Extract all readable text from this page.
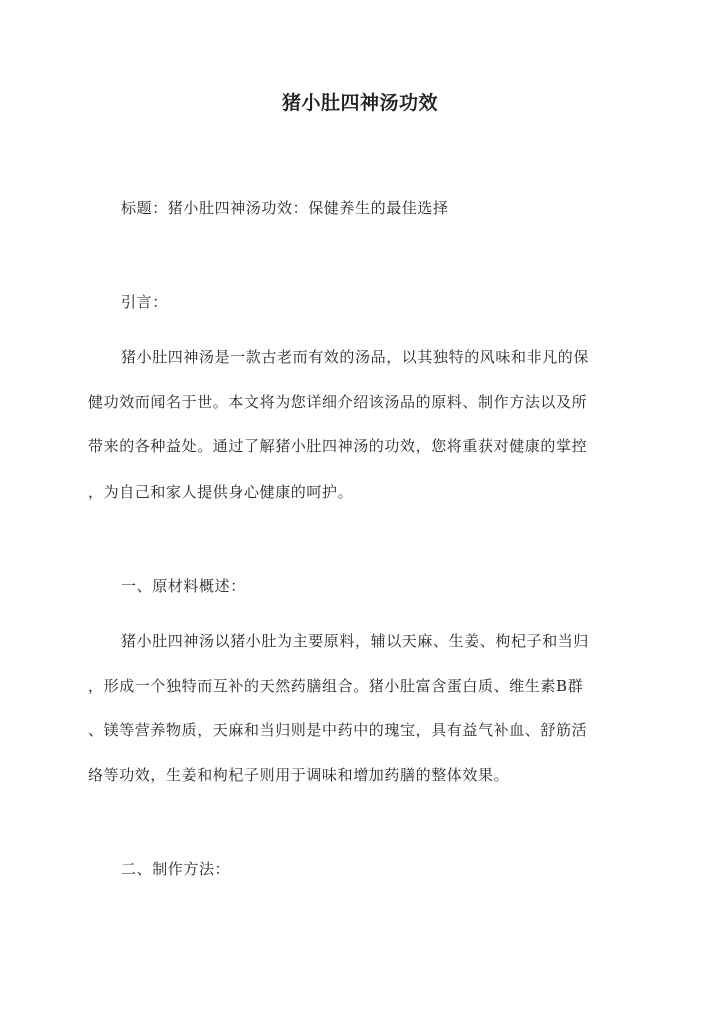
猪小肚四神汤功效
标题：猪小肚四神汤功效：保健养生的最佳选择
引言：
猪小肚四神汤是一款古老而有效的汤品，以其独特的风味和非凡的保
健功效而闻名于世。本文将为您详细介绍该汤品的原料、制作方法以及所
带来的各种益处。通过了解猪小肚四神汤的功效，您将重获对健康的掌控
，为自己和家人提供身心健康的呵护。
一、原材料概述：
猪小肚四神汤以猪小肚为主要原料，辅以天麻、生姜、枸杞子和当归
，形成一个独特而互补的天然药膳组合。猪小肚富含蛋白质、维生素B群
、镁等营养物质，天麻和当归则是中药中的瑰宝，具有益气补血、舒筋活
络等功效，生姜和枸杞子则用于调味和增加药膳的整体效果。
二、制作方法：
